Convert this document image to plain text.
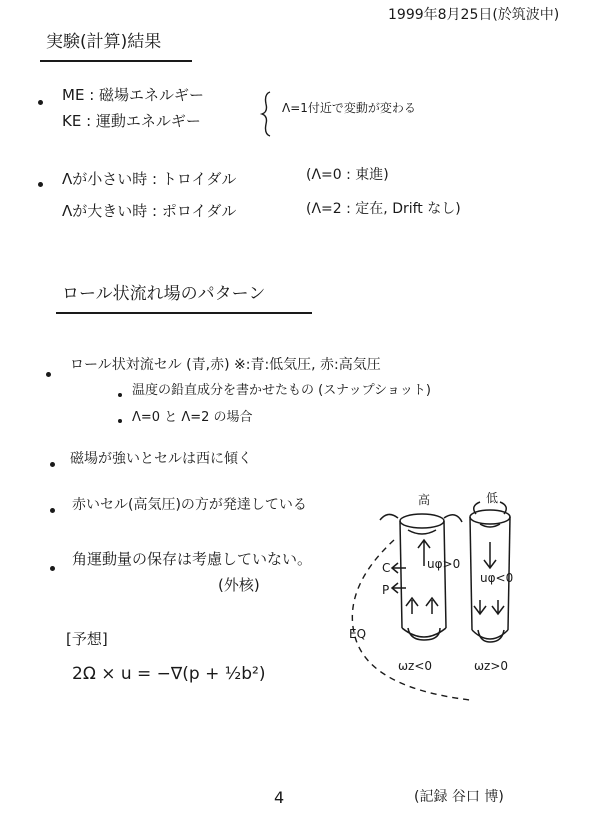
1999年8月25日(於筑波中)
実験(計算)結果
ME : 磁場エネルギー
KE : 運動エネルギー
Λ=1付近で変動が変わる
Λが小さい時 : トロイダル	(Λ=0 : 東進)
Λが大きい時 : ポロイダル	(Λ=2 : 定在, Drift なし)
ロール状流れ場のパターン
ロール状対流セル (青,赤) ※:青:低気圧, 赤:高気圧
温度の鉛直成分を書かせたもの (スナップショット)
Λ=0 と Λ=2 の場合
磁場が強いとセルは西に傾く
赤いセル(高気圧)の方が発達している
角運動量の保存は考慮していない。
(外核)
[予想]
2Ω × u = −∇(p + ½b²)
高	低
C
P
uφ>0
uφ<0
EQ
ωz<0	ωz>0
4	(記録 谷口 博)
